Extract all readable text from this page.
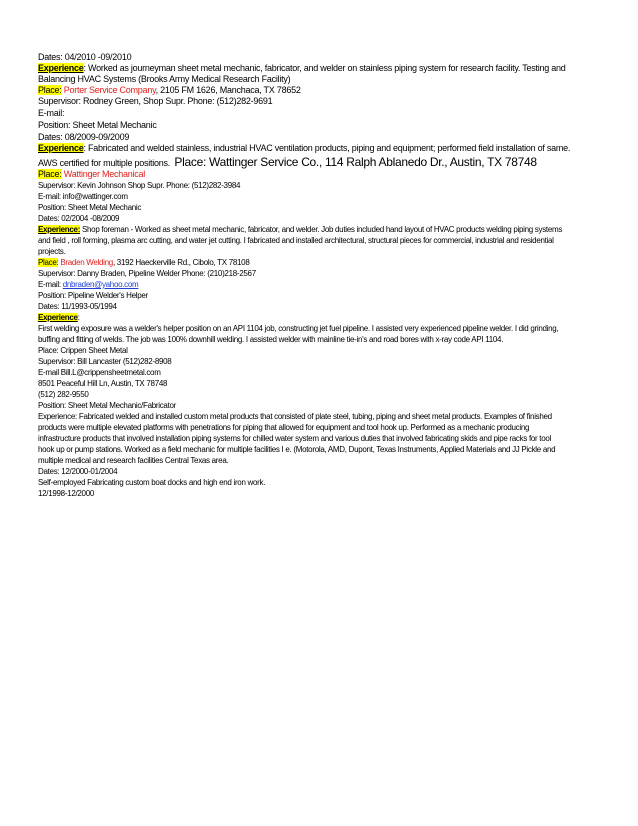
Dates: 04/2010 -09/2010
Experience: Worked as journeyman sheet metal mechanic, fabricator, and welder on stainless piping system for research facility. Testing and
Balancing HVAC Systems (Brooks Army Medical Research Facility)
Place: Porter Service Company, 2105 FM 1626, Manchaca, TX 78652
Supervisor: Rodney Green, Shop Supr. Phone: (512)282-9691
E-mail:
Position: Sheet Metal Mechanic
Dates: 08/2009-09/2009
Experience: Fabricated and welded stainless, industrial HVAC ventilation products, piping and equipment; performed field installation of same.
AWS certified for multiple positions. Place: Wattinger Service Co., 114 Ralph Ablanedo Dr., Austin, TX 78748
Place: Wattinger Mechanical
Supervisor: Kevin Johnson Shop Supr. Phone: (512)282-3984
E-mail: info@wattinger.com
Position: Sheet Metal Mechanic
Dates: 02/2004 -08/2009
Experience: Shop foreman - Worked as sheet metal mechanic, fabricator, and welder. Job duties included hand layout of HVAC products welding piping systems
and field , roll forming, plasma arc cutting, and water jet cutting. I fabricated and installed architectural, structural pieces for commercial, industrial and residential
projects.
Place: Braden Welding, 3192 Haeckerville Rd., Cibolo, TX 78108
Supervisor: Danny Braden, Pipeline Welder Phone: (210)218-2567
E-mail: dnbraden@yahoo.com
Position: Pipeline Welder's Helper
Dates: 11/1993-05/1994
Experience:
First welding exposure was a welder's helper position on an API 1104 job, constructing jet fuel pipeline. I assisted very experienced pipeline welder. I did grinding,
buffing and fitting of welds. The job was 100% downhill welding. I assisted welder with mainline tie-in's and road bores with x-ray code API 1104.
Place: Crippen Sheet Metal
Supervisor: Bill Lancaster (512)282-8908
E-mail Bill.L@crippensheetmetal.com
8501 Peaceful Hill Ln, Austin, TX 78748
(512) 282-9550
Position: Sheet Metal Mechanic/Fabricator
Experience: Fabricated welded and installed custom metal products that consisted of plate steel, tubing, piping and sheet metal products. Examples of finished
products were multiple elevated platforms with penetrations for piping that allowed for equipment and tool hook up. Performed as a mechanic producing
infrastructure products that involved installation piping systems for chilled water system and various duties that involved fabricating skids and pipe racks for tool
hook up or pump stations. Worked as a field mechanic for multiple facilities I e. (Motorola, AMD, Dupont, Texas Instruments, Applied Materials and JJ Pickle and
multiple medical and research facilities Central Texas area.
Dates: 12/2000-01/2004
Self-employed Fabricating custom boat docks and high end iron work.
12/1998-12/2000
